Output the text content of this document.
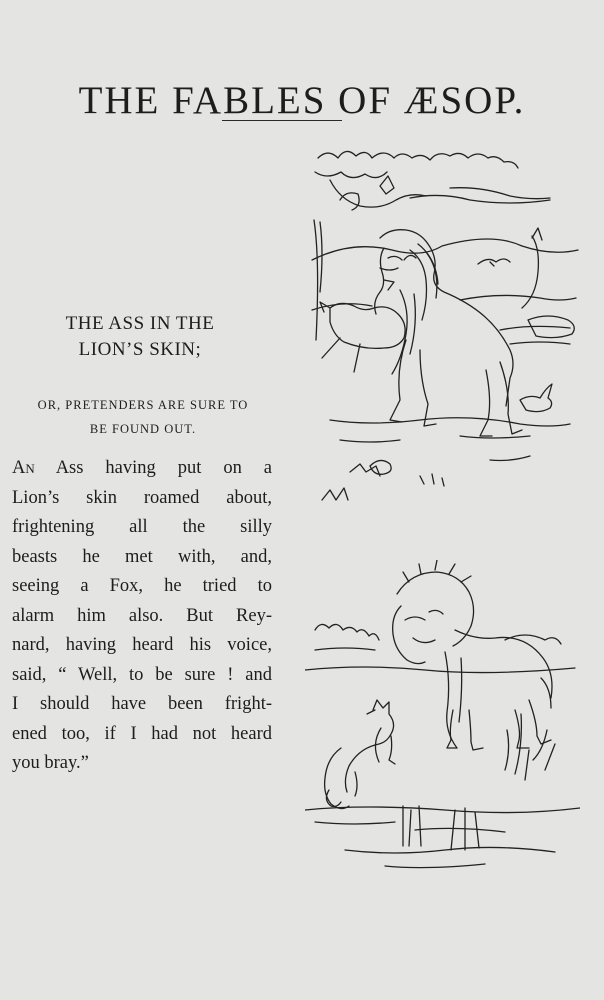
THE FABLES OF ÆSOP.
THE ASS IN THE
LION’S SKIN;
OR, PRETENDERS ARE SURE TO
BE FOUND OUT.
An Ass having put on a
Lion’s skin roamed about,
frightening all the silly
beasts he met with, and,
seeing a Fox, he tried to
alarm him also. But Rey-
nard, having heard his voice,
said, “ Well, to be sure ! and
I should have been fright-
ened too, if I had not heard
you bray.”
